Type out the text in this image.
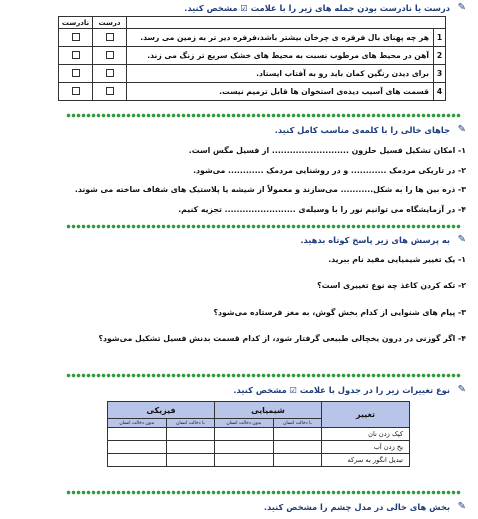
✎
درست یا نادرست بودن جمله های زیر را با علامت ☑ مشخص کنید.
		درست	نادرست
1	هر چه پهنای بال فرفره ی چرخان بیشتر باشد،فرفره دیر تر به زمین می رسد.		
2	آهن در محیط های مرطوب نسبت به محیط های خشک سریع تر زنگ می زند.		
3	برای دیدن رنگین کمان باید رو به آفتاب ایستاد.		
4	قسمت های آسیب دیده‌ی استخوان ها قابل ترمیم نیست.		
✎
جاهای خالی را با کلمه‌ی مناسب کامل کنید.
۱- امکان تشکیل فسیل حلزون .......................... از فسیل مگس است.
۲- در تاریکی مردمک ............ و در روشنایی مردمک ............ می‌شود.
۳- ذره بین ها را به شکل........... می‌سازند و معمولاً از شیشه یا پلاستیک های شفاف ساخته می شوند.
۴- در آزمایشگاه می توانیم نور را با وسیله‌ی ........................ تجزیه کنیم.
✎
به پرسش های زیر پاسخ کوتاه بدهید.
۱- یک تغییر شیمیایی مفید نام ببرید.
۲- تکه کردن کاغذ چه نوع تغییری است؟
۳- پیام های شنوایی از کدام بخش گوش، به مغز فرستاده می‌شود؟
۴- اگر گوزنی در درون یخچالی طبیعی گرفتار شود، از کدام قسمت بدنش فسیل تشکیل می‌شود؟
✎
نوع تغییرات زیر را در جدول با علامت ☑ مشخص کنید.
تغییر	شیمیایی		فیزیکی	
	با دخالت انسان	بدون دخالت انسان	با دخالت انسان	بدون دخالت انسان
کپک زدن نان				
یخ زدن آب				
تبدیل انگور به سرکه				
✎
بخش های خالی در مدل چشم را مشخص کنید.
